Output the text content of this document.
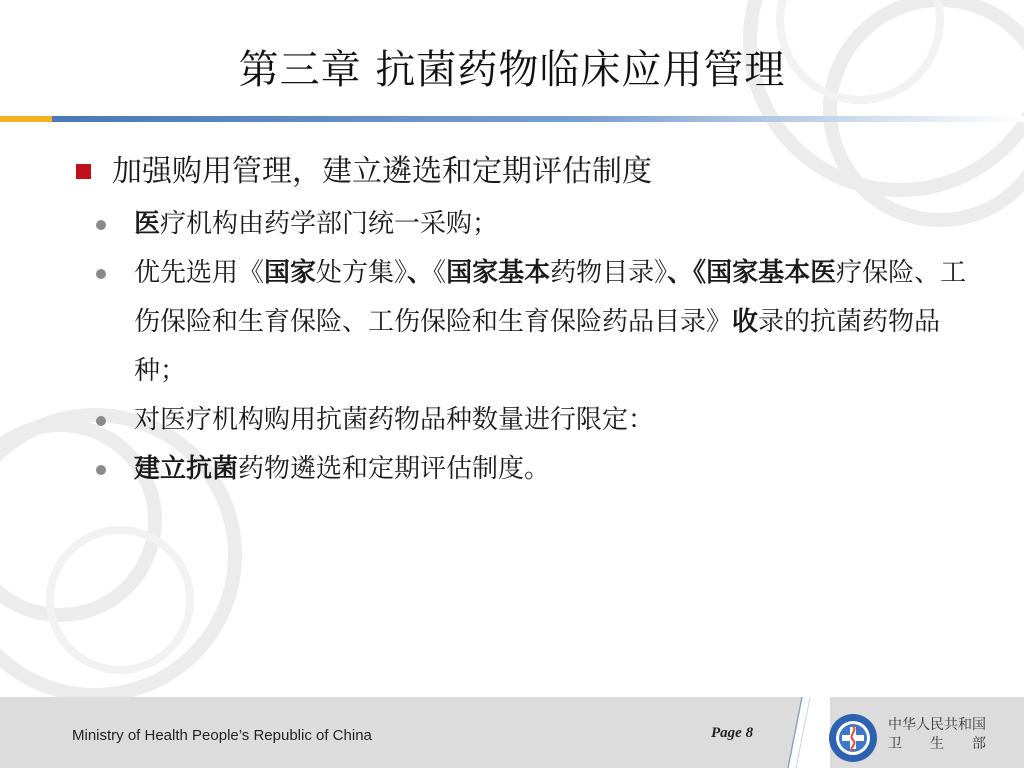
第三章 抗菌药物临床应用管理
加强购用管理，建立遴选和定期评估制度
医疗机构由药学部门统一采购；
优先选用《国家处方集》、《国家基本药物目录》、《国家基本医疗保险、工伤保险和生育保险、工伤保险和生育保险药品目录》收录的抗菌药物品种；
对医疗机构购用抗菌药物品种数量进行限定：
建立抗菌药物遴选和定期评估制度。
Ministry of Health People’s Republic of China	Page 8	中华人民共和国
卫生部
